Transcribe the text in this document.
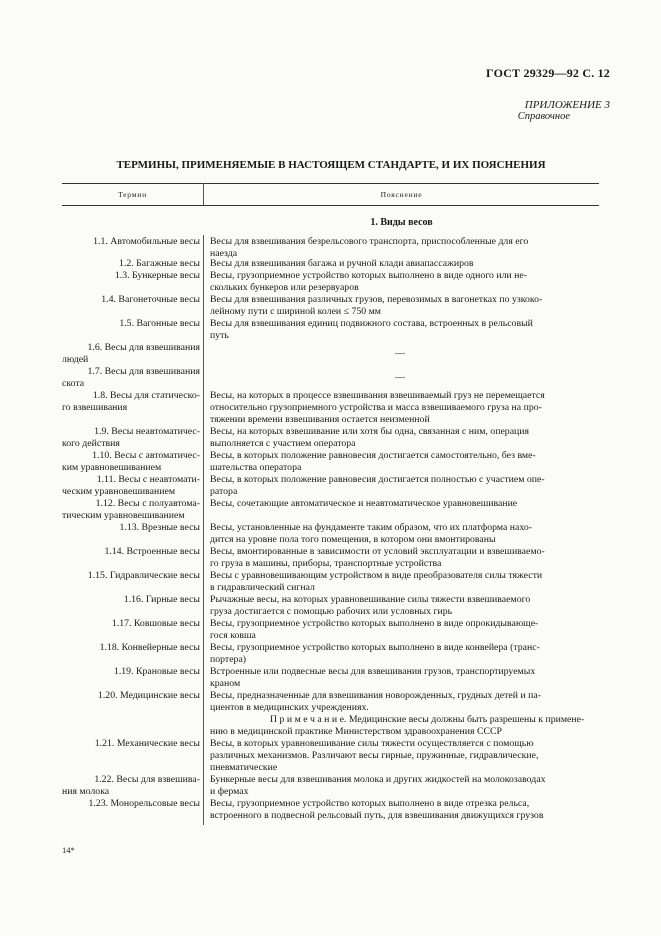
ГОСТ 29329—92 С. 12
ПРИЛОЖЕНИЕ 3
Справочное
ТЕРМИНЫ, ПРИМЕНЯЕМЫЕ В НАСТОЯЩЕМ СТАНДАРТЕ, И ИХ ПОЯСНЕНИЯ
Термин	Пояснение
1. Виды весов
1.1. Автомобильные весы Весы для взвешивания безрельсового транспорта, приспособленные для его
наезда
1.2. Багажные весы Весы для взвешивания багажа и ручной клади авиапассажиров
1.3. Бункерные весы Весы, грузоприемное устройство которых выполнено в виде одного или не-
скольких бункеров или резервуаров
1.4. Вагонеточные весы Весы для взвешивания различных грузов, перевозимых в вагонетках по узкоко-
лейному пути с шириной колеи ≤ 750 мм
1.5. Вагонные весы Весы для взвешивания единиц подвижного состава, встроенных в рельсовый
путь
1.6. Весы для взвешивания
людей
—
1.7. Весы для взвешивания
скота
—
1.8. Весы для статическо-
го взвешивания
Весы, на которых в процессе взвешивания взвешиваемый груз не перемещается
относительно грузоприемного устройства и масса взвешиваемого груза на про-
тяжении времени взвешивания остается неизменной
1.9. Весы неавтоматичес-
кого действия
Весы, на которых взвешивание или хотя бы одна, связанная с ним, операция
выполняется с участием оператора
1.10. Весы с автоматичес-
ким уравновешиванием
Весы, в которых положение равновесия достигается самостоятельно, без вме-
шательства оператора
1.11. Весы с неавтомати-
ческим уравновешиванием
Весы, в которых положение равновесия достигается полностью с участием опе-
ратора
1.12. Весы с полуавтома-
тическим уравновешиванием
Весы, сочетающие автоматическое и неавтоматическое уравновешивание
1.13. Врезные весы Весы, установленные на фундаменте таким образом, что их платформа нахо-
дится на уровне пола того помещения, в котором они вмонтированы
1.14. Встроенные весы Весы, вмонтированные в зависимости от условий эксплуатации и взвешиваемо-
го груза в машины, приборы, транспортные устройства
1.15. Гидравлические весы Весы с уравновешивающим устройством в виде преобразователя силы тяжести
в гидравлический сигнал
1.16. Гирные весы Рычажные весы, на которых уравновешивание силы тяжести взвешиваемого
груза достигается с помощью рабочих или условных гирь
1.17. Ковшовые весы Весы, грузоприемное устройство которых выполнено в виде опрокидывающе-
гося ковша
1.18. Конвейерные весы Весы, грузоприемное устройство которых выполнено в виде конвейера (транс-
портера)
1.19. Крановые весы Встроенные или подвесные весы для взвешивания грузов, транспортируемых
краном
1.20. Медицинские весы Весы, предназначенные для взвешивания новорожденных, грудных детей и па-
циентов в медицинских учреждениях.
П р и м е ч а н и е. Медицинские весы должны быть разрешены к примене-
нию в медицинской практике Министерством здравоохранения СССР
1.21. Механические весы Весы, в которых уравновешивание силы тяжести осуществляется с помощью
различных механизмов. Различают весы гирные, пружинные, гидравлические,
пневматические
1.22. Весы для взвешива-
ния молока
Бункерные весы для взвешивания молока и других жидкостей на молокозаводах
и фермах
1.23. Монорельсовые весы Весы, грузоприемное устройство которых выполнено в виде отрезка рельса,
встроенного в подвесной рельсовый путь, для взвешивания движущихся грузов
14*
